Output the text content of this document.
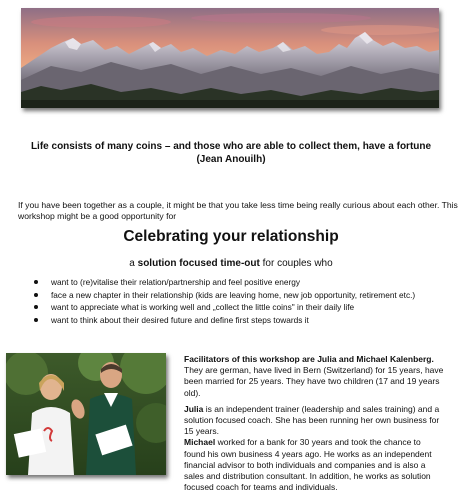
Life consists of many coins – and those who are able to collect them, have a fortune
(Jean Anouilh)
If you have been together as a couple, it might be that you take less time being really curious about each other. This workshop might be a good opportunity for
Celebrating your relationship
a solution focused time-out for couples who
want to (re)vitalise their relation/partnership and feel positive energy
face a new chapter in their relationship (kids are leaving home, new job opportunity, retirement etc.)
want to appreciate what is working well and „collect the little coins" in their daily life
want to think about their desired future and define first steps towards it

Facilitators of this workshop are Julia and Michael Kalenberg. They are german, have lived in Bern (Switzerland) for 15 years, have been married for 25 years. They have two children (17 and 19 years old).

Julia is an independent trainer (leadership and sales training) and a solution focused coach. She has been running her own business for 15 years.

Michael worked for a bank for 30 years and took the chance to found his own business 4 years ago. He works as an independent financial advisor to both individuals and companies and is also a sales and distribution consultant. In addition, he works as solution focused coach for teams and individuals.
